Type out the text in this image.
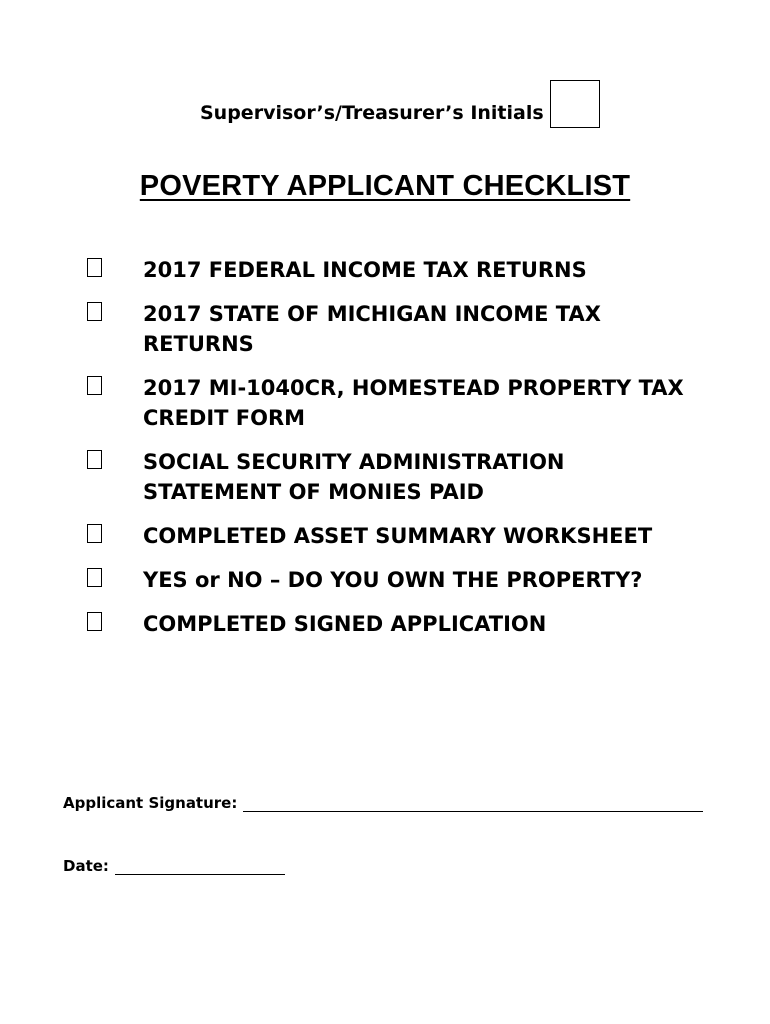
Supervisor’s/Treasurer’s Initials
POVERTY APPLICANT CHECKLIST
2017 FEDERAL INCOME TAX RETURNS
2017 STATE OF MICHIGAN INCOME TAX RETURNS
2017 MI-1040CR, HOMESTEAD PROPERTY TAX CREDIT FORM
SOCIAL SECURITY ADMINISTRATION STATEMENT OF MONIES PAID
COMPLETED ASSET SUMMARY WORKSHEET
YES or NO – DO YOU OWN THE PROPERTY?
COMPLETED SIGNED APPLICATION
Applicant Signature:
Date:
